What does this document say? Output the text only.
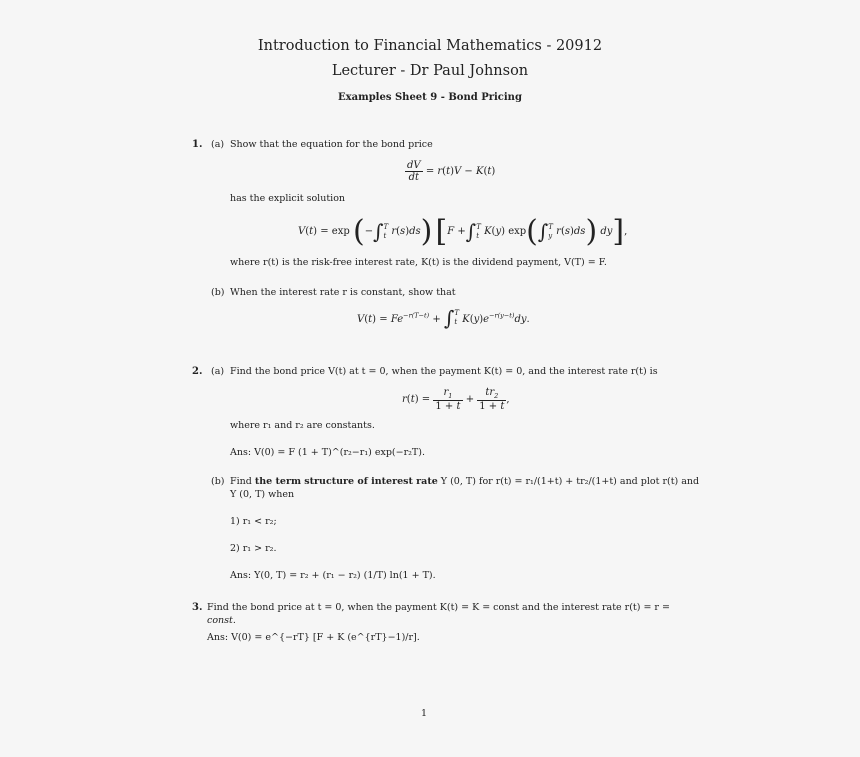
Introduction to Financial Mathematics - 20912
Lecturer - Dr Paul Johnson
Examples Sheet 9 - Bond Pricing
1. (a) Show that the equation for the bond price
$\frac{dV}{dt} = r(t)V - K(t)$
has the explicit solution
V(t) = exp (−∫ T
t r(s)ds) [F +∫ T
t K(y) exp(∫ T
y r(s)ds) dy],
where r(t) is the risk-free interest rate, K(t) is the dividend payment, V(T) = F.
(b) When the interest rate r is constant, show that
$V(t) = Fe^{-r(T-t)}$ + ∫ T
t $K(y)e^{-r(y-t)}dy$.
2. (a) Find the bond price V(t) at t = 0, when the payment K(t) = 0, and the interest rate r(t) is
$r(t) = \frac{r_1}{1 + t} + \frac{tr_2}{1 + t}$ ,
where r₁ and r₂ are constants.
Ans: V(0) = F (1 + T)^(r₂−r₁) exp(−r₂T).
(b) Find the term structure of interest rate Y (0, T) for r(t) = r₁/(1+t) + tr₂/(1+t) and plot r(t) and
Y (0, T) when
1) r₁ < r₂;
2) r₁ > r₂.
Ans: Y(0, T) = r₂ + (r₁ − r₂) (1/T) ln(1 + T).
3. Find the bond price at t = 0, when the payment K(t) = K = const and the interest rate r(t) = r =
const.
Ans: V(0) = e^{−rT} [F + K (e^{rT}−1)/r].
1
